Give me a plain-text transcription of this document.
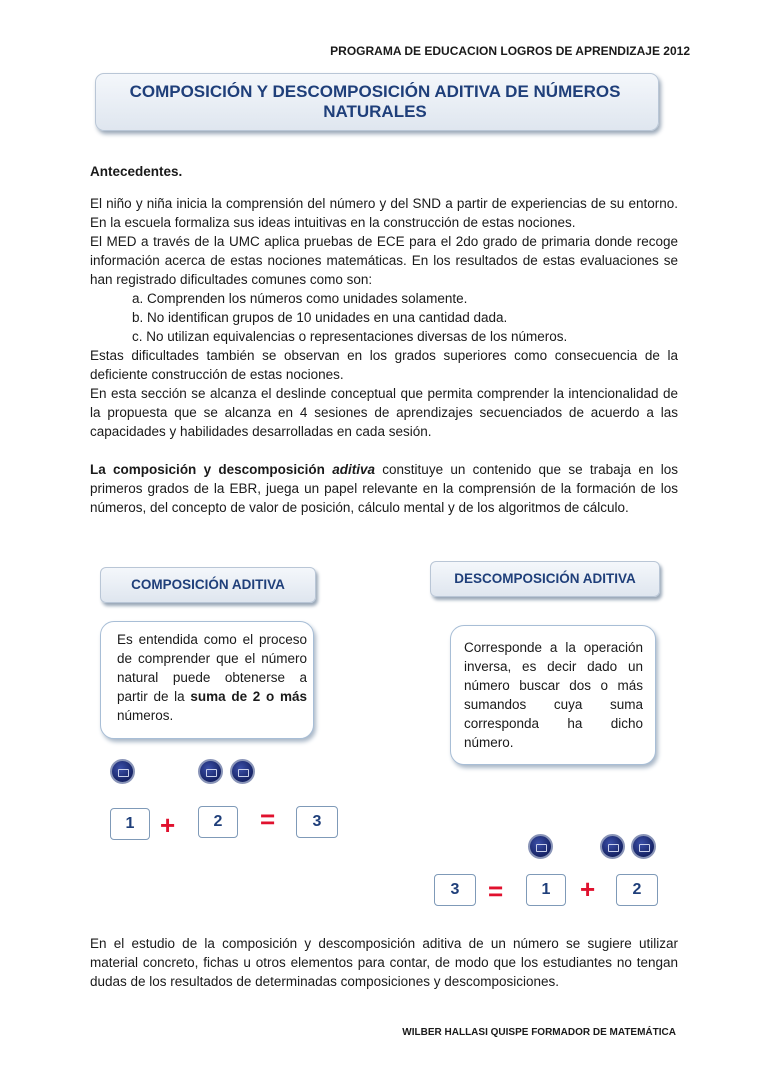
PROGRAMA DE EDUCACION LOGROS DE APRENDIZAJE 2012
COMPOSICIÓN Y DESCOMPOSICIÓN ADITIVA DE NÚMEROS
NATURALES

Antecedentes.

El niño y niña inicia la comprensión del número y del SND a partir de experiencias de su entorno. En la escuela formaliza sus ideas intuitivas en la construcción de estas nociones.

El MED a través de la UMC aplica pruebas de ECE para el 2do grado de primaria donde recoge información acerca de estas nociones matemáticas. En los resultados de estas evaluaciones se han registrado dificultades comunes como son:

a. Comprenden los números como unidades solamente.
b. No identifican grupos de 10 unidades en una cantidad dada.
c. No utilizan equivalencias o representaciones diversas de los números.

Estas dificultades también se observan en los grados superiores como consecuencia de la deficiente construcción de estas nociones.

En esta sección se alcanza el deslinde conceptual que permita comprender la intencionalidad de la propuesta que se alcanza en 4 sesiones de aprendizajes secuenciados de acuerdo a las capacidades y habilidades desarrolladas en cada sesión.

La composición y descomposición aditiva constituye un contenido que se trabaja en los primeros grados de la EBR, juega un papel relevante en la comprensión de la formación de los números, del concepto de valor de posición, cálculo mental y de los algoritmos de cálculo.

COMPOSICIÓN ADITIVA
Es entendida como el proceso de comprender que el número natural puede obtenerse a partir de la suma de 2 o más números.
DESCOMPOSICIÓN ADITIVA
Corresponde a la operación inversa, es decir dado un número buscar dos o más sumandos cuya suma corresponda ha dicho número.
1 +	2	=	3
3	=	1	+	2
En el estudio de la composición y descomposición aditiva de un número se sugiere utilizar material concreto, fichas u otros elementos para contar, de modo que los estudiantes no tengan dudas de los resultados de determinadas composiciones y descomposiciones.
WILBER HALLASI QUISPE FORMADOR DE MATEMÁTICA
